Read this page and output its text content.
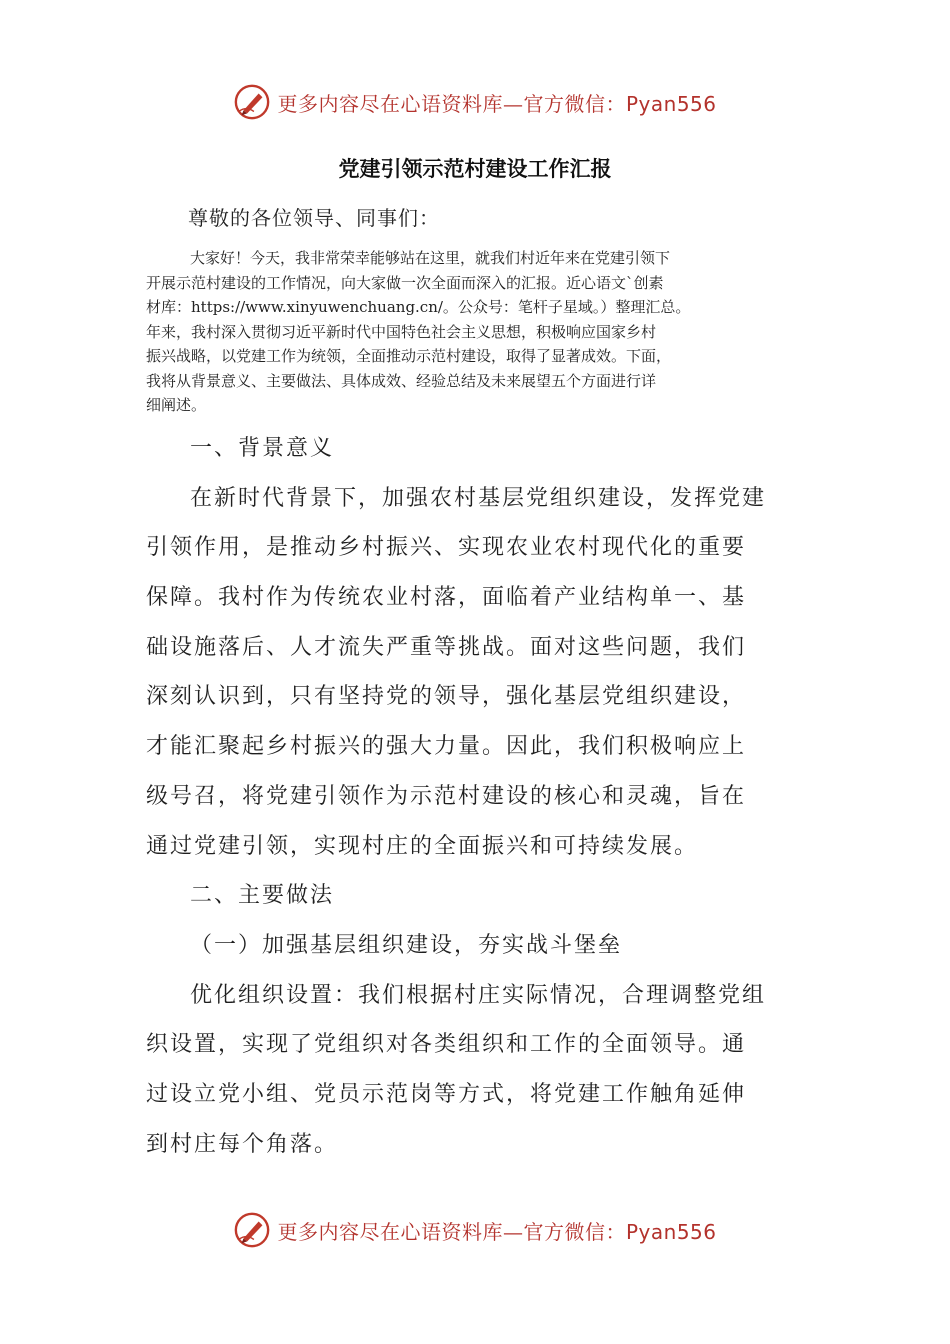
更多内容尽在心语资料库—官方微信：Pyan556
党建引领示范村建设工作汇报
尊敬的各位领导、同事们：
大家好！今天，我非常荣幸能够站在这里，就我们村近年来在党建引领下
开展示范村建设的工作情况，向大家做一次全面而深入的汇报。近心语文`创素
材库：https://www.xinyuwenchuang.cn/。公众号：笔杆子星域。）整理汇总。
年来，我村深入贯彻习近平新时代中国特色社会主义思想，积极响应国家乡村
振兴战略，以党建工作为统领，全面推动示范村建设，取得了显著成效。下面，
我将从背景意义、主要做法、具体成效、经验总结及未来展望五个方面进行详
细阐述。
一、背景意义
在新时代背景下，加强农村基层党组织建设，发挥党建
引领作用，是推动乡村振兴、实现农业农村现代化的重要
保障。我村作为传统农业村落，面临着产业结构单一、基
础设施落后、人才流失严重等挑战。面对这些问题，我们
深刻认识到，只有坚持党的领导，强化基层党组织建设，
才能汇聚起乡村振兴的强大力量。因此，我们积极响应上
级号召，将党建引领作为示范村建设的核心和灵魂，旨在
通过党建引领，实现村庄的全面振兴和可持续发展。
二、主要做法
（一）加强基层组织建设，夯实战斗堡垒
优化组织设置：我们根据村庄实际情况，合理调整党组
织设置，实现了党组织对各类组织和工作的全面领导。通
过设立党小组、党员示范岗等方式，将党建工作触角延伸
到村庄每个角落。
更多内容尽在心语资料库—官方微信：Pyan556
